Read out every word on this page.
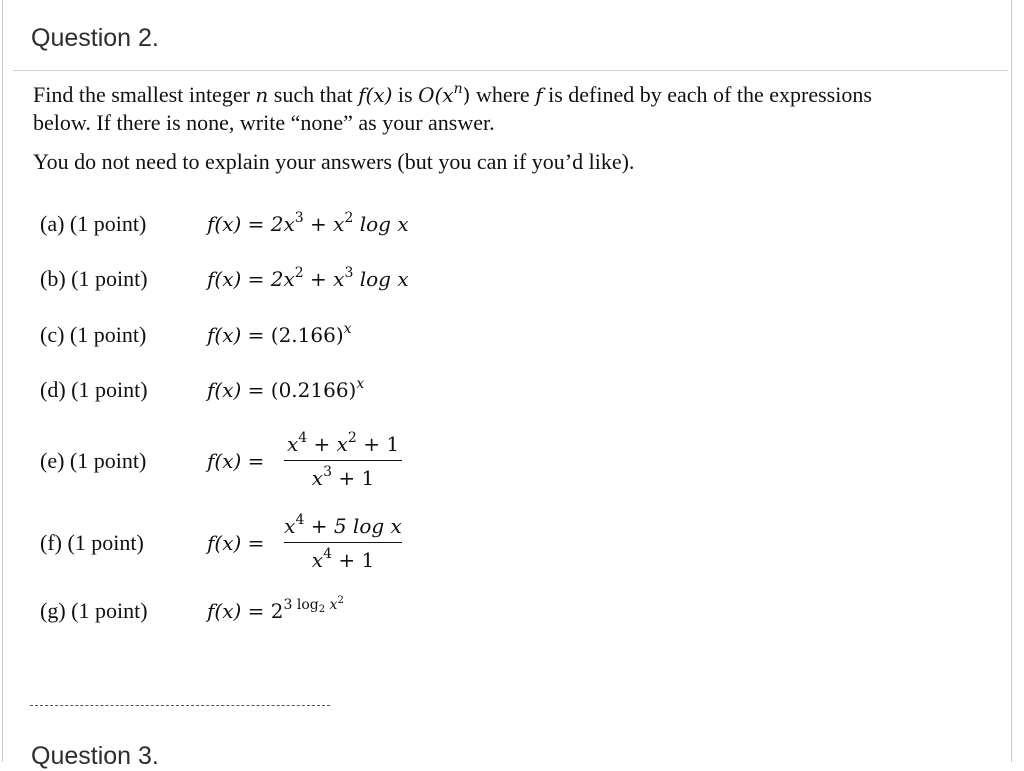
Question 2.
Find the smallest integer n such that f(x) is $O(x^n)$ where f is defined by each of the expressions
below. If there is none, write “none” as your answer.
You do not need to explain your answers (but you can if you’d like).
(a) (1 point)	$f(x) = 2x^3 + x^2$ log x
(b) (1 point)	$f(x) = 2x^2 + x^3$ log x
(c) (1 point)	$f(x) = (2.166)^x$
(d) (1 point)	$f(x) = (0.2166)^x$
(e) (1 point)	f(x) =
$x^4 + x^2 + 1$
$x^3 + 1$
(f) (1 point)	f(x) =
$x^4 + 5$ log x
$x^4 + 1$
(g) (1 point)	$f(x) = 2^{3 log_2 x^2}$
Question 3.
